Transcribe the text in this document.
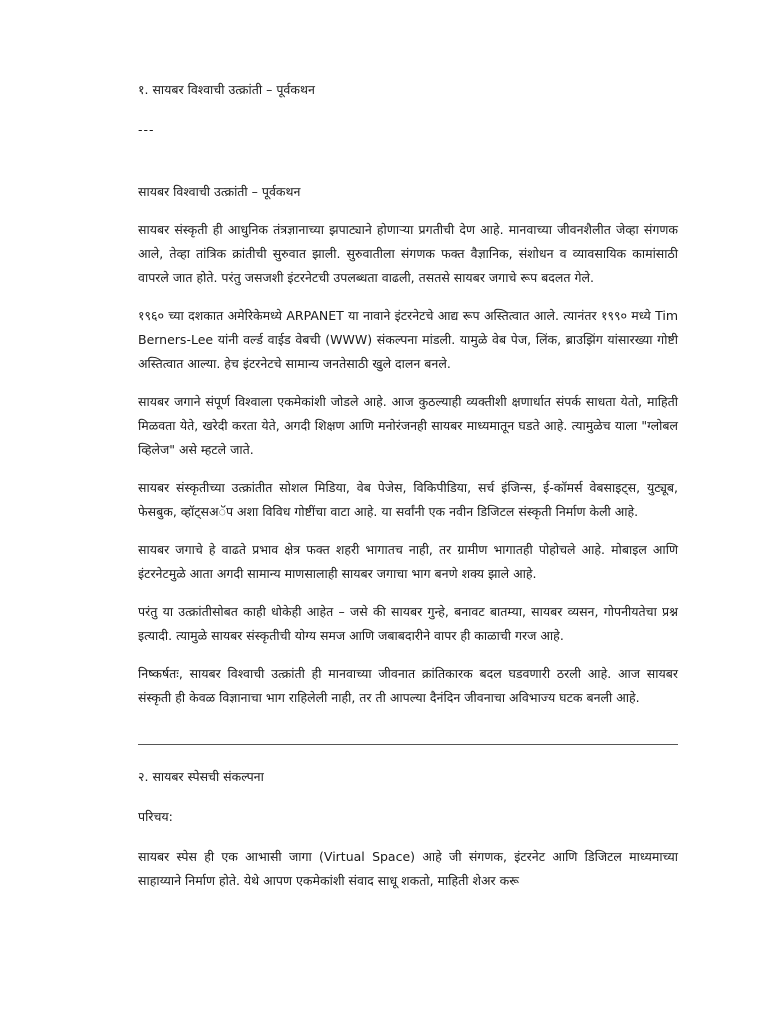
१. सायबर विश्वाची उत्क्रांती – पूर्वकथन

---

सायबर विश्वाची उत्क्रांती – पूर्वकथन

सायबर संस्कृती ही आधुनिक तंत्रज्ञानाच्या झपाट्याने होणाऱ्या प्रगतीची देण आहे. मानवाच्या जीवनशैलीत जेव्हा संगणक आले, तेव्हा तांत्रिक क्रांतीची सुरुवात झाली. सुरुवातीला संगणक फक्त वैज्ञानिक, संशोधन व व्यावसायिक कामांसाठी वापरले जात होते. परंतु जसजशी इंटरनेटची उपलब्धता वाढली, तसतसे सायबर जगाचे रूप बदलत गेले.

१९६० च्या दशकात अमेरिकेमध्ये ARPANET या नावाने इंटरनेटचे आद्य रूप अस्तित्वात आले. त्यानंतर १९९० मध्ये Tim Berners-Lee यांनी वर्ल्ड वाईड वेबची (WWW) संकल्पना मांडली. यामुळे वेब पेज, लिंक, ब्राउझिंग यांसारख्या गोष्टी अस्तित्वात आल्या. हेच इंटरनेटचे सामान्य जनतेसाठी खुले दालन बनले.

सायबर जगाने संपूर्ण विश्वाला एकमेकांशी जोडले आहे. आज कुठल्याही व्यक्तीशी क्षणार्धात संपर्क साधता येतो, माहिती मिळवता येते, खरेदी करता येते, अगदी शिक्षण आणि मनोरंजनही सायबर माध्यमातून घडते आहे. त्यामुळेच याला "ग्लोबल व्हिलेज" असे म्हटले जाते.

सायबर संस्कृतीच्या उत्क्रांतीत सोशल मिडिया, वेब पेजेस, विकिपीडिया, सर्च इंजिन्स, ई-कॉमर्स वेबसाइट्स, युट्यूब, फेसबुक, व्हॉट्सअॅप अशा विविध गोष्टींचा वाटा आहे. या सर्वांनी एक नवीन डिजिटल संस्कृती निर्माण केली आहे.

सायबर जगाचे हे वाढते प्रभाव क्षेत्र फक्त शहरी भागातच नाही, तर ग्रामीण भागातही पोहोचले आहे. मोबाइल आणि इंटरनेटमुळे आता अगदी सामान्य माणसालाही सायबर जगाचा भाग बनणे शक्य झाले आहे.

परंतु या उत्क्रांतीसोबत काही धोकेही आहेत – जसे की सायबर गुन्हे, बनावट बातम्या, सायबर व्यसन, गोपनीयतेचा प्रश्न इत्यादी. त्यामुळे सायबर संस्कृतीची योग्य समज आणि जबाबदारीने वापर ही काळाची गरज आहे.

निष्कर्षतः, सायबर विश्वाची उत्क्रांती ही मानवाच्या जीवनात क्रांतिकारक बदल घडवणारी ठरली आहे. आज सायबर संस्कृती ही केवळ विज्ञानाचा भाग राहिलेली नाही, तर ती आपल्या दैनंदिन जीवनाचा अविभाज्य घटक बनली आहे.

२. सायबर स्पेसची संकल्पना

परिचय:

सायबर स्पेस ही एक आभासी जागा (Virtual Space) आहे जी संगणक, इंटरनेट आणि डिजिटल माध्यमाच्या साहाय्याने निर्माण होते. येथे आपण एकमेकांशी संवाद साधू शकतो, माहिती शेअर करू
